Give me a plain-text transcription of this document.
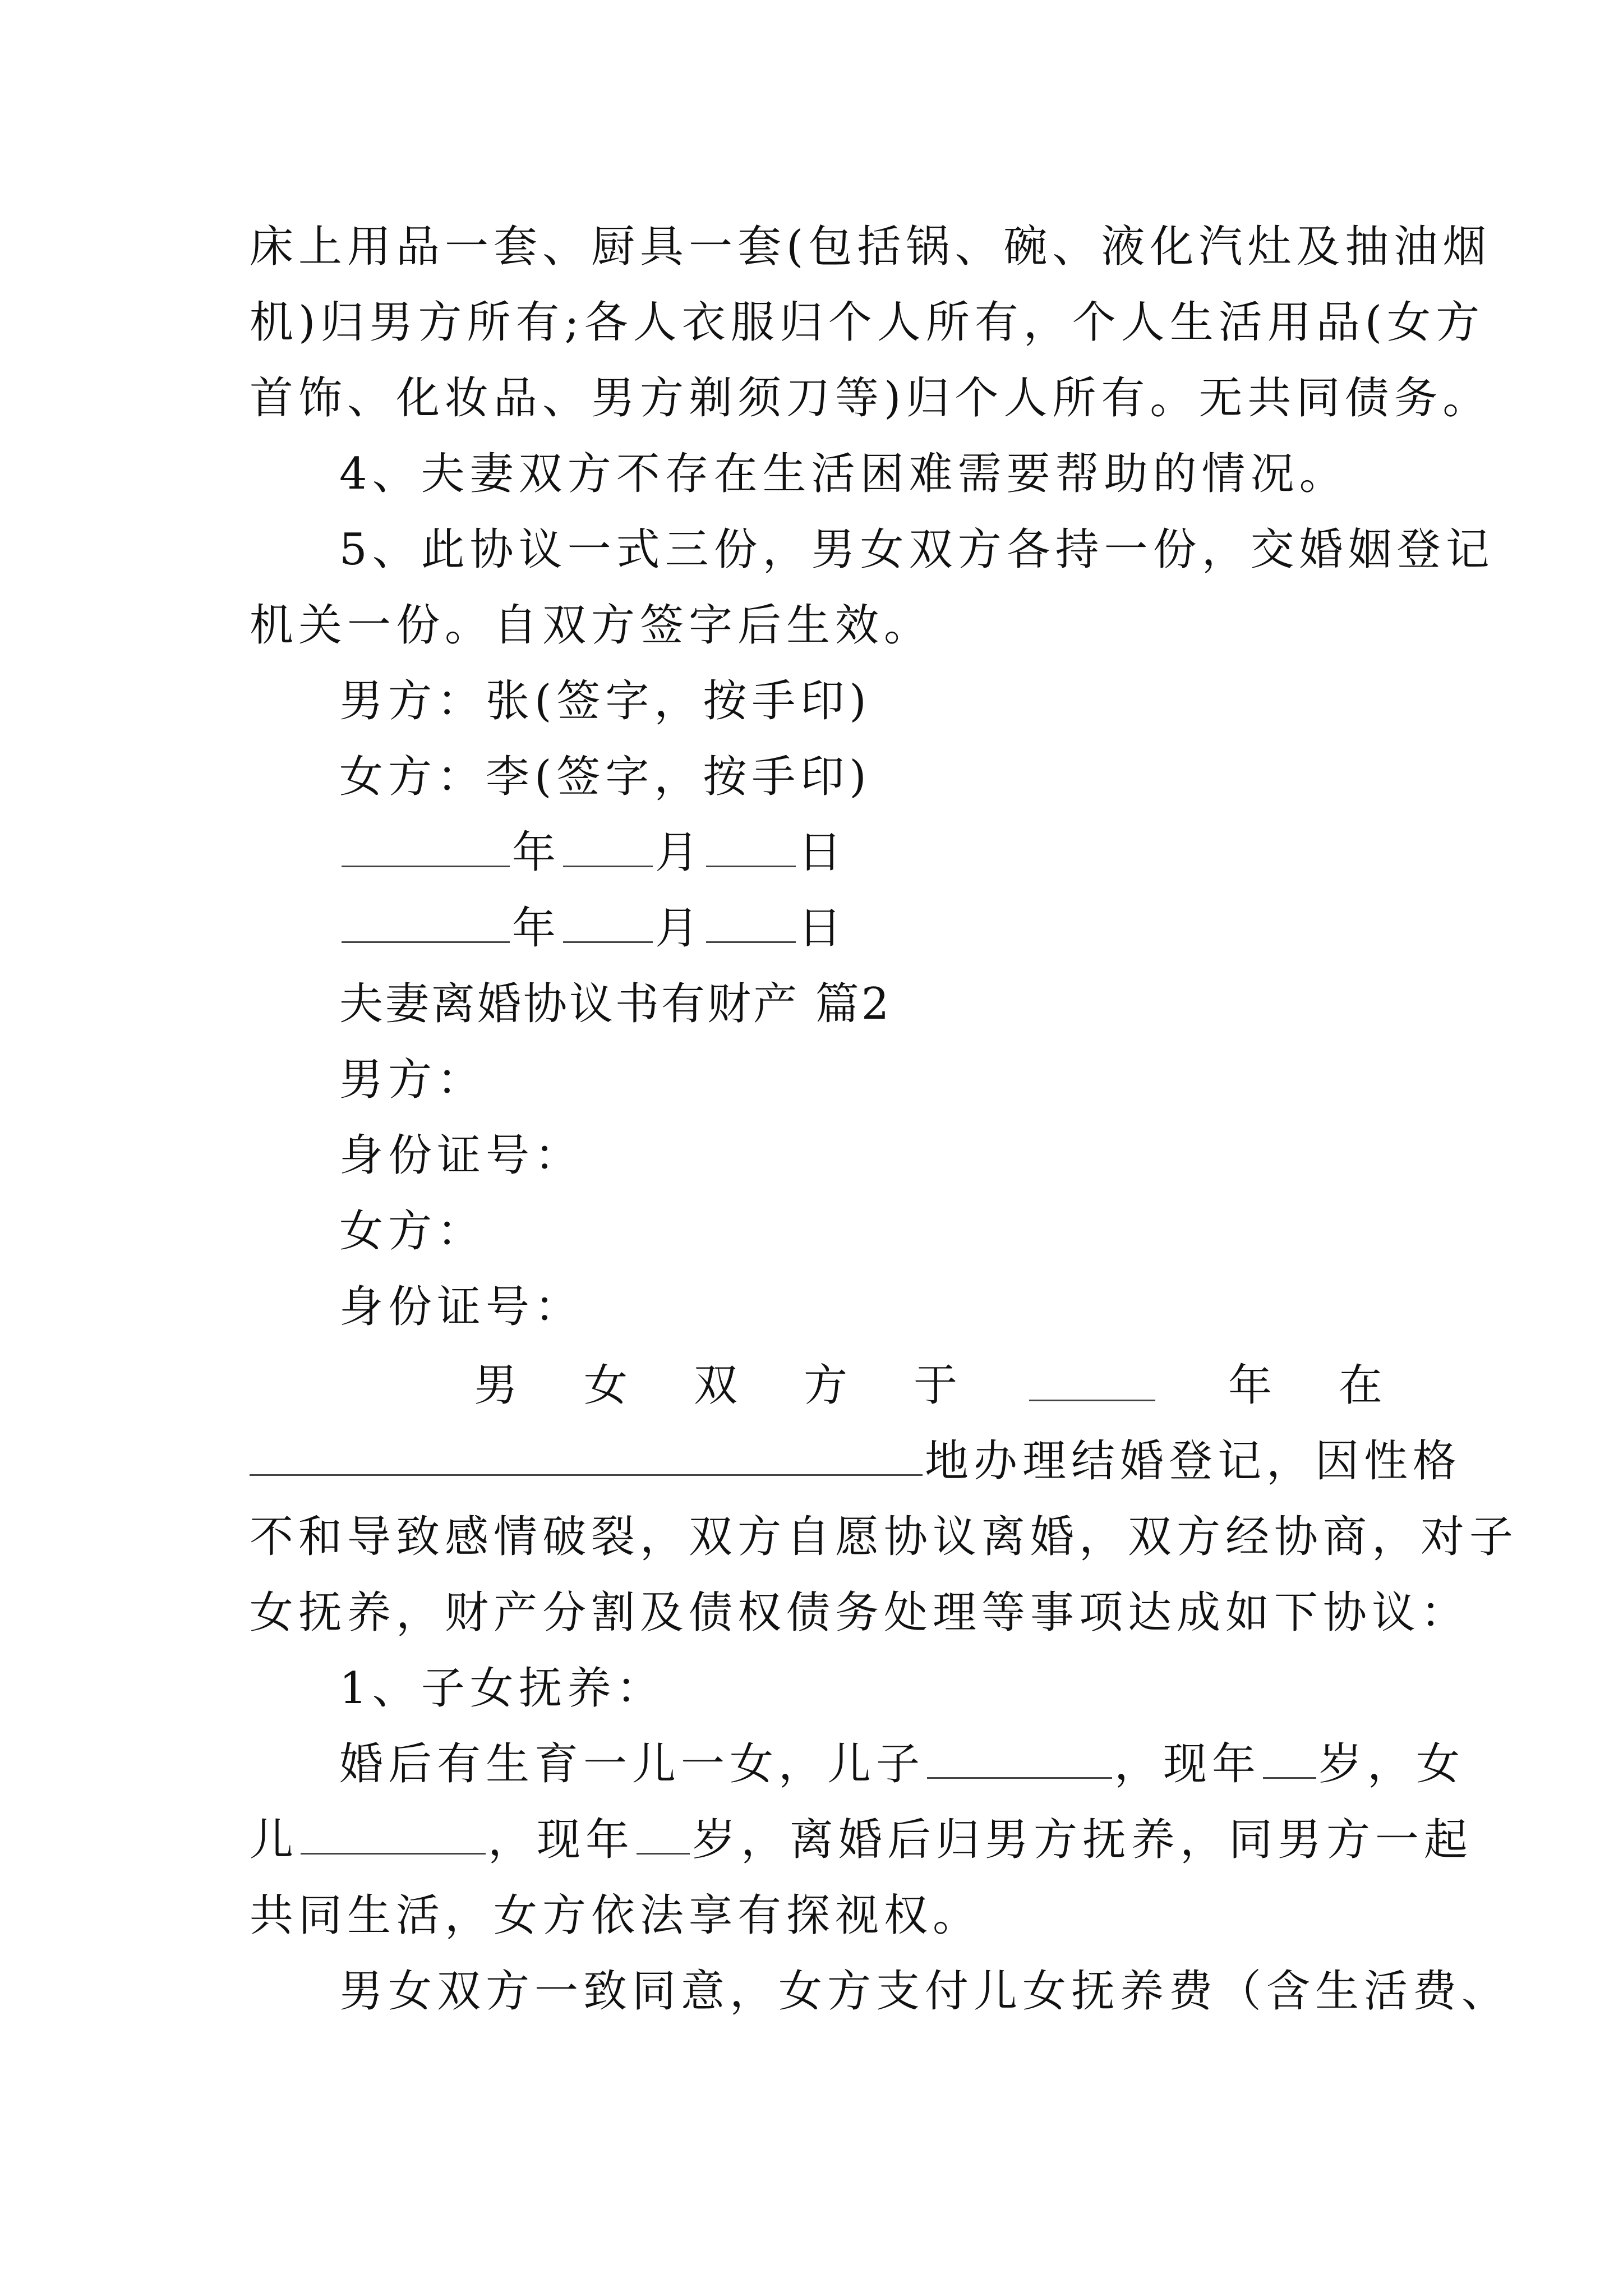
床上用品一套、厨具一套(包括锅、碗、液化汽灶及抽油烟
机)归男方所有;各人衣服归个人所有，个人生活用品(女方
首饰、化妆品、男方剃须刀等)归个人所有。无共同债务。
4、夫妻双方不存在生活困难需要帮助的情况。
5、此协议一式三份，男女双方各持一份，交婚姻登记
机关一份。自双方签字后生效。
男方：张(签字，按手印)
女方：李(签字，按手印)
年 月 日
年 月 日
夫妻离婚协议书有财产 篇2
男方：
身份证号：
女方：
身份证号：
男 女 双 方 于	年 在
地办理结婚登记，因性格
不和导致感情破裂，双方自愿协议离婚，双方经协商，对子
女抚养，财产分割及债权债务处理等事项达成如下协议：
1、子女抚养：
婚后有生育一儿一女，儿子	，现年 岁，女
儿	，现年 岁，离婚后归男方抚养，同男方一起
共同生活，女方依法享有探视权。
男女双方一致同意，女方支付儿女抚养费（含生活费、
